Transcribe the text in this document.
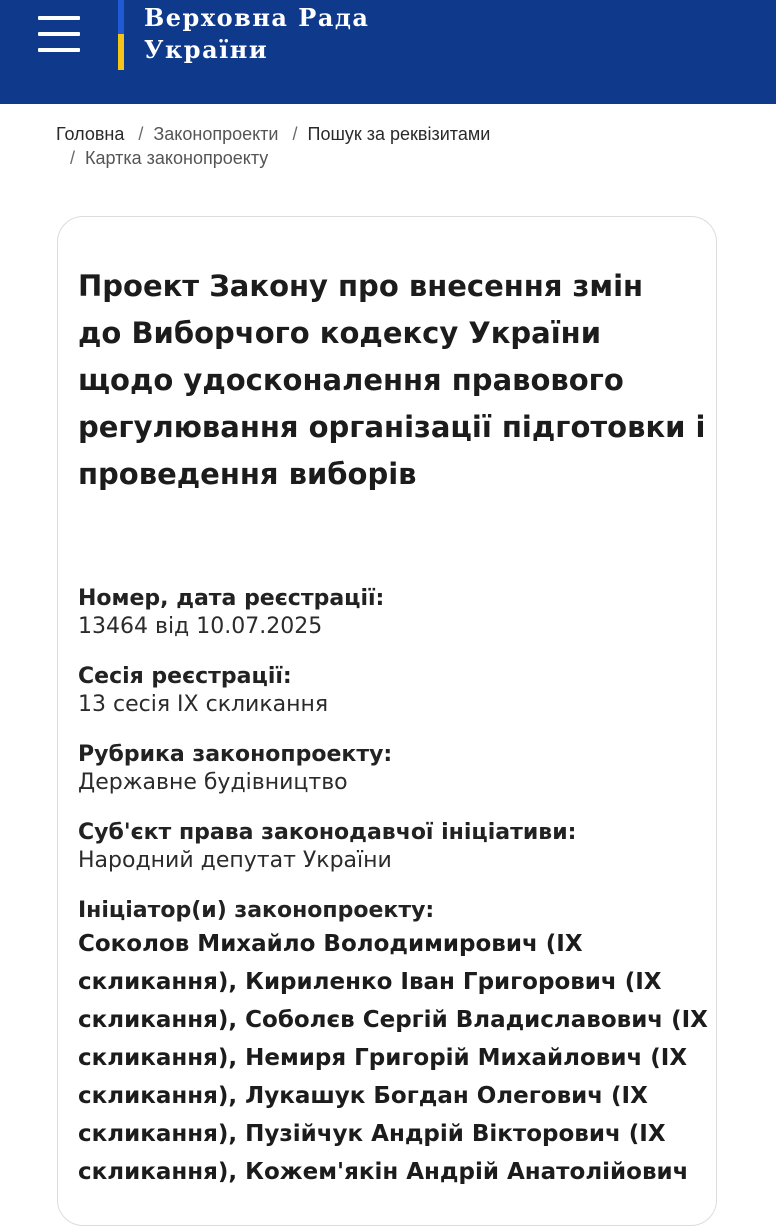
Верховна Рада
України
Головна / Законопроекти / Пошук за реквізитами
/ Картка законопроекту
Проект Закону про внесення змін
до Виборчого кодексу України
щодо удосконалення правового
регулювання організації підготовки і
проведення виборів
Номер, дата реєстрації:
13464 від 10.07.2025
Сесія реєстрації:
13 сесія IX скликання
Рубрика законопроекту:
Державне будівництво
Суб'єкт права законодавчої ініціативи:
Народний депутат України
Ініціатор(и) законопроекту:
Соколов Михайло Володимирович (IX
скликання), Кириленко Іван Григорович (IX
скликання), Соболєв Сергій Владиславович (IX
скликання), Немиря Григорій Михайлович (IX
скликання), Лукашук Богдан Олегович (IX
скликання), Пузійчук Андрій Вікторович (IX
скликання), Кожем'якін Андрій Анатолійович
